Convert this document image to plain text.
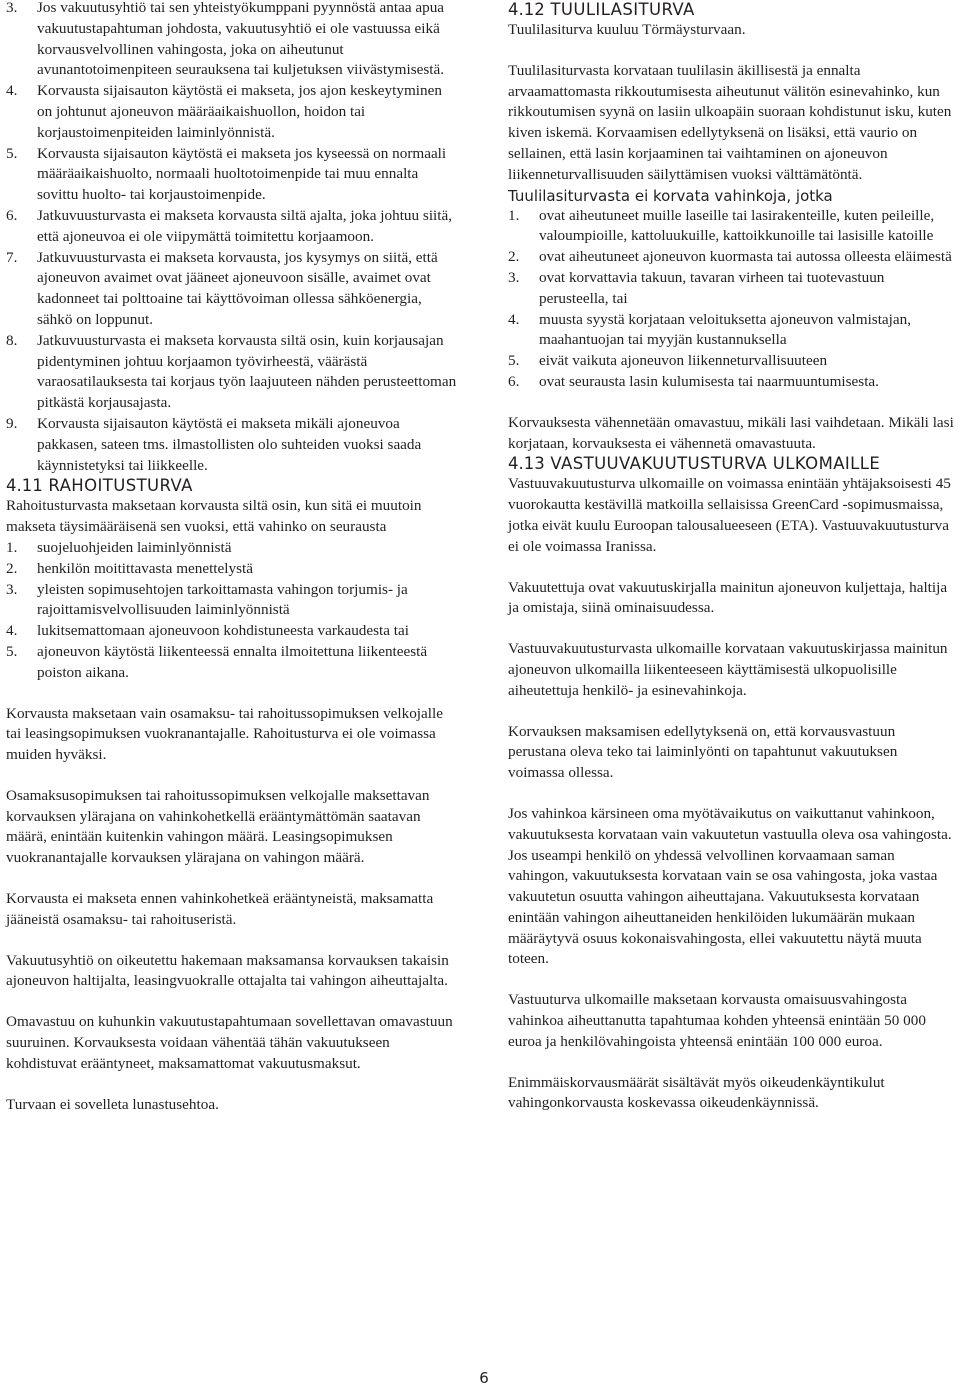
3. Jos vakuutusyhtiö tai sen yhteistyökumppani pyynnöstä antaa apua vakuutustapahtuman johdosta, vakuutusyhtiö ei ole vastuussa eikä korvausvelvollinen vahingosta, joka on aiheutunut avunantotoimenpiteen seurauksena tai kuljetuksen viivästymisestä.
4. Korvausta sijaisauton käytöstä ei makseta, jos ajon keskeytyminen on johtunut ajoneuvon määräaikaishuollon, hoidon tai korjaustoimenpiteiden laiminlyönnistä.
5. Korvausta sijaisauton käytöstä ei makseta jos kyseessä on normaali määräaikaishuolto, normaali huoltotoimenpide tai muu ennalta sovittu huolto- tai korjaustoimenpide.
6. Jatkuvuusturvasta ei makseta korvausta siltä ajalta, joka johtuu siitä, että ajoneuvoa ei ole viipymättä toimitettu korjaamoon.
7. Jatkuvuusturvasta ei makseta korvausta, jos kysymys on siitä, että ajoneuvon avaimet ovat jääneet ajoneuvoon sisälle, avaimet ovat kadonneet tai polttoaine tai käyttövoiman ollessa sähköenergia, sähkö on loppunut.
8. Jatkuvuusturvasta ei makseta korvausta siltä osin, kuin korjausajan pidentyminen johtuu korjaamon työvirheestä, väärästä varaosatilauksesta tai korjaus työn laajuuteen nähden perusteettoman pitkästä korjausajasta.
9. Korvausta sijaisauton käytöstä ei makseta mikäli ajoneuvoa pakkasen, sateen tms. ilmastollisten olo suhteiden vuoksi saada käynnistetyksi tai liikkeelle.
4.11 RAHOITUSTURVA

Rahoitusturvasta maksetaan korvausta siltä osin, kun sitä ei muutoin makseta täysimääräisenä sen vuoksi, että vahinko on seurausta

1. suojeluohjeiden laiminlyönnistä
2. henkilön moitittavasta menettelystä
3. yleisten sopimusehtojen tarkoittamasta vahingon torjumis- ja rajoittamisvelvollisuuden laiminlyönnistä
4. lukitsemattomaan ajoneuvoon kohdistuneesta varkaudesta tai
5. ajoneuvon käytöstä liikenteessä ennalta ilmoitettuna liikenteestä poiston aikana.

Korvausta maksetaan vain osamaksu- tai rahoitussopimuksen velkojalle tai leasingsopimuksen vuokranantajalle. Rahoitusturva ei ole voimassa muiden hyväksi.

Osamaksusopimuksen tai rahoitussopimuksen velkojalle maksettavan korvauksen ylärajana on vahinkohetkellä erääntymättömän saatavan määrä, enintään kuitenkin vahingon määrä. Leasingsopimuksen vuokranantajalle korvauksen ylärajana on vahingon määrä.

Korvausta ei makseta ennen vahinkohetkeä erääntyneistä, maksamatta jääneistä osamaksu- tai rahoituseristä.

Vakuutusyhtiö on oikeutettu hakemaan maksamansa korvauksen takaisin ajoneuvon haltijalta, leasingvuokralle ottajalta tai vahingon aiheuttajalta.

Omavastuu on kuhunkin vakuutustapahtumaan sovellettavan omavastuun suuruinen. Korvauksesta voidaan vähentää tähän vakuutukseen kohdistuvat erääntyneet, maksamattomat vakuutusmaksut.

Turvaan ei sovelleta lunastusehtoa.

4.12 TUULILASITURVA

Tuulilasiturva kuuluu Törmäysturvaan.

Tuulilasiturvasta korvataan tuulilasin äkillisestä ja ennalta arvaamattomasta rikkoutumisesta aiheutunut välitön esinevahinko, kun rikkoutumisen syynä on lasiin ulkoapäin suoraan kohdistunut isku, kuten kiven iskemä. Korvaamisen edellytyksenä on lisäksi, että vaurio on sellainen, että lasin korjaaminen tai vaihtaminen on ajoneuvon liikenneturvallisuuden säilyttämisen vuoksi välttämätöntä.

Tuulilasiturvasta ei korvata vahinkoja, jotka
1. ovat aiheutuneet muille laseille tai lasirakenteille, kuten peileille, valoumpioille, kattoluukuille, kattoikkunoille tai lasisille katoille
2. ovat aiheutuneet ajoneuvon kuormasta tai autossa olleesta eläimestä
3. ovat korvattavia takuun, tavaran virheen tai tuotevastuun perusteella, tai
4. muusta syystä korjataan veloituksetta ajoneuvon valmistajan, maahantuojan tai myyjän kustannuksella
5. eivät vaikuta ajoneuvon liikenneturvallisuuteen
6. ovat seurausta lasin kulumisesta tai naarmuuntumisesta.

Korvauksesta vähennetään omavastuu, mikäli lasi vaihdetaan. Mikäli lasi korjataan, korvauksesta ei vähennetä omavastuuta.

4.13 VASTUUVAKUUTUSTURVA ULKOMAILLE

Vastuuvakuutusturva ulkomaille on voimassa enintään yhtäjaksoisesti 45 vuorokautta kestävillä matkoilla sellaisissa GreenCard -sopimusmaissa, jotka eivät kuulu Euroopan talousalueeseen (ETA). Vastuuvakuutusturva ei ole voimassa Iranissa.

Vakuutettuja ovat vakuutuskirjalla mainitun ajoneuvon kuljettaja, haltija ja omistaja, siinä ominaisuudessa.

Vastuuvakuutusturvasta ulkomaille korvataan vakuutuskirjassa mainitun ajoneuvon ulkomailla liikenteeseen käyttämisestä ulkopuolisille aiheutettuja henkilö- ja esinevahinkoja.

Korvauksen maksamisen edellytyksenä on, että korvausvastuun perustana oleva teko tai laiminlyönti on tapahtunut vakuutuksen voimassa ollessa.

Jos vahinkoa kärsineen oma myötävaikutus on vaikuttanut vahinkoon, vakuutuksesta korvataan vain vakuutetun vastuulla oleva osa vahingosta. Jos useampi henkilö on yhdessä velvollinen korvaamaan saman vahingon, vakuutuksesta korvataan vain se osa vahingosta, joka vastaa vakuutetun osuutta vahingon aiheuttajana. Vakuutuksesta korvataan enintään vahingon aiheuttaneiden henkilöiden lukumäärän mukaan määräytyvä osuus kokonaisvahingosta, ellei vakuutettu näytä muuta toteen.

Vastuuturva ulkomaille maksetaan korvausta omaisuusvahingosta vahinkoa aiheuttanutta tapahtumaa kohden yhteensä enintään 50 000 euroa ja henkilövahingoista yhteensä enintään 100 000 euroa.

Enimmäiskorvausmäärät sisältävät myös oikeudenkäyntikulut vahingonkorvausta koskevassa oikeudenkäynnissä.

6
